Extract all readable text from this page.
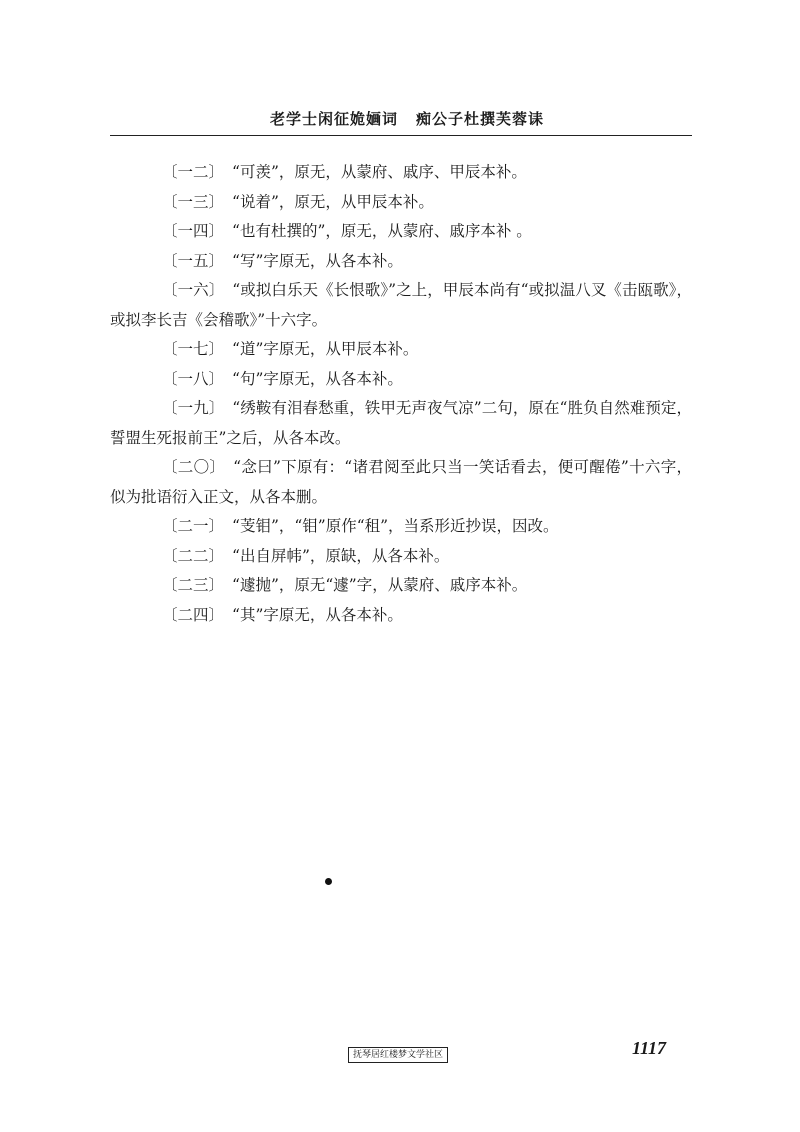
老学士闲征姽婳词 痴公子杜撰芙蓉诔

〔一二〕 “可羡”，原无，从蒙府、戚序、甲辰本补。

〔一三〕 “说着”，原无，从甲辰本补。

〔一四〕 “也有杜撰的”，原无，从蒙府、戚序本补 。

〔一五〕 “写”字原无，从各本补。

〔一六〕 “或拟白乐天《长恨歌》”之上，甲辰本尚有“或拟温八叉《击瓯歌》，或拟李长吉《会稽歌》”十六字。

〔一七〕 “道”字原无，从甲辰本补。

〔一八〕 “句”字原无，从各本补。

〔一九〕 “绣鞍有泪春愁重，铁甲无声夜气凉”二句，原在“胜负自然难预定，誓盟生死报前王”之后，从各本改。

〔二〇〕 “念曰”下原有：“诸君阅至此只当一笑话看去，便可醒倦”十六字，似为批语衍入正文，从各本删。

〔二一〕 “芰钼”，“钼”原作“租”，当系形近抄误，因改。

〔二二〕 “出自屏帏”，原缺，从各本补。

〔二三〕 “遽抛”，原无“遽”字，从蒙府、戚序本补。

〔二四〕 “其”字原无，从各本补。

1117
抚琴居红楼梦文学社区
